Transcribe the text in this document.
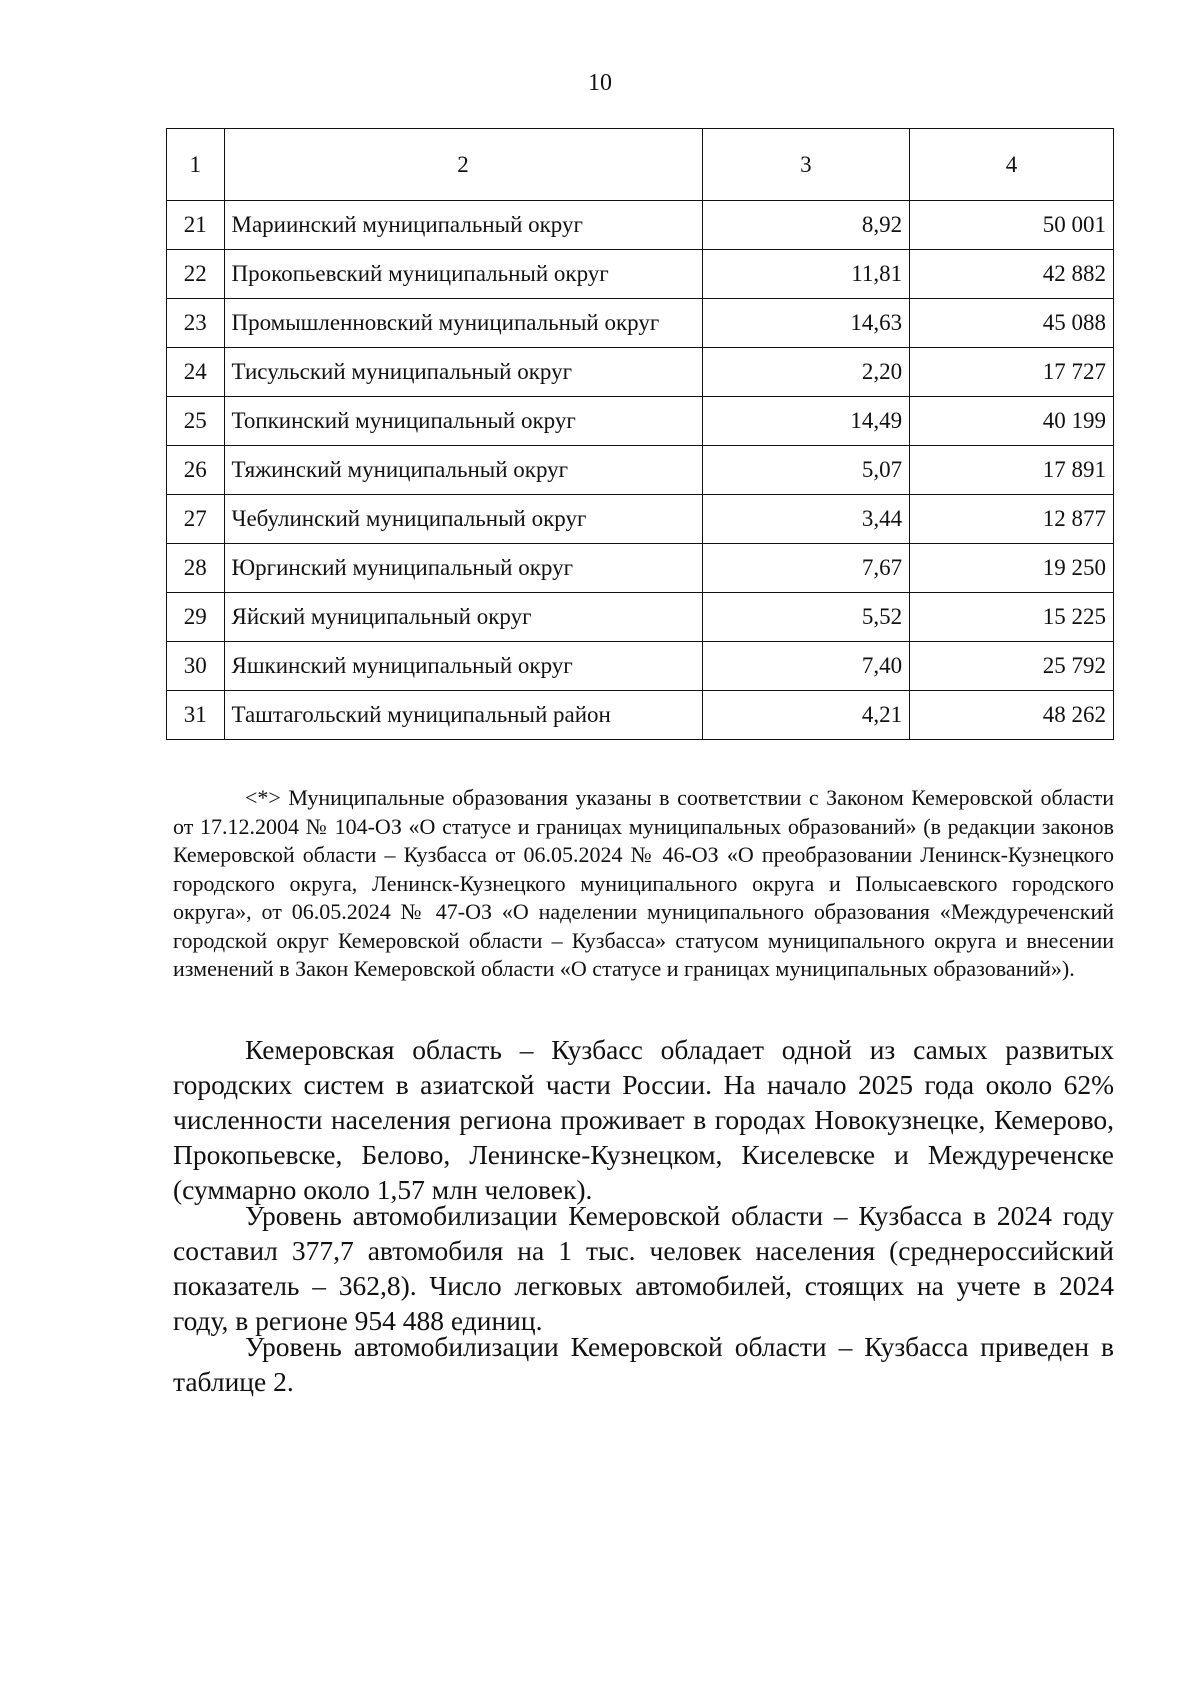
10
1	2	3	4
21	Мариинский муниципальный округ	8,92	50 001
22	Прокопьевский муниципальный округ	11,81	42 882
23	Промышленновский муниципальный округ	14,63	45 088
24	Тисульский муниципальный округ	2,20	17 727
25	Топкинский муниципальный округ	14,49	40 199
26	Тяжинский муниципальный округ	5,07	17 891
27	Чебулинский муниципальный округ	3,44	12 877
28	Юргинский муниципальный округ	7,67	19 250
29	Яйский муниципальный округ	5,52	15 225
30	Яшкинский муниципальный округ	7,40	25 792
31	Таштагольский муниципальный район	4,21	48 262

<*> Муниципальные образования указаны в соответствии с Законом Кемеровской области от 17.12.2004 № 104-ОЗ «О статусе и границах муниципальных образований» (в редакции законов Кемеровской области – Кузбасса от 06.05.2024 № 46-ОЗ «О преобразовании Ленинск-Кузнецкого городского округа, Ленинск-Кузнецкого муниципального округа и Полысаевского городского округа», от 06.05.2024 № 47-ОЗ «О наделении муниципального образования «Междуреченский городской округ Кемеровской области – Кузбасса» статусом муниципального округа и внесении изменений в Закон Кемеровской области «О статусе и границах муниципальных образований»).

Кемеровская область – Кузбасс обладает одной из самых развитых городских систем в азиатской части России. На начало 2025 года около 62% численности населения региона проживает в городах Новокузнецке, Кемерово, Прокопьевске, Белово, Ленинске-Кузнецком, Киселевске и Междуреченске (суммарно около 1,57 млн человек).

Уровень автомобилизации Кемеровской области – Кузбасса в 2024 году составил 377,7 автомобиля на 1 тыс. человек населения (среднероссийский показатель – 362,8). Число легковых автомобилей, стоящих на учете в 2024 году, в регионе 954 488 единиц.

Уровень автомобилизации Кемеровской области – Кузбасса приведен в таблице 2.
